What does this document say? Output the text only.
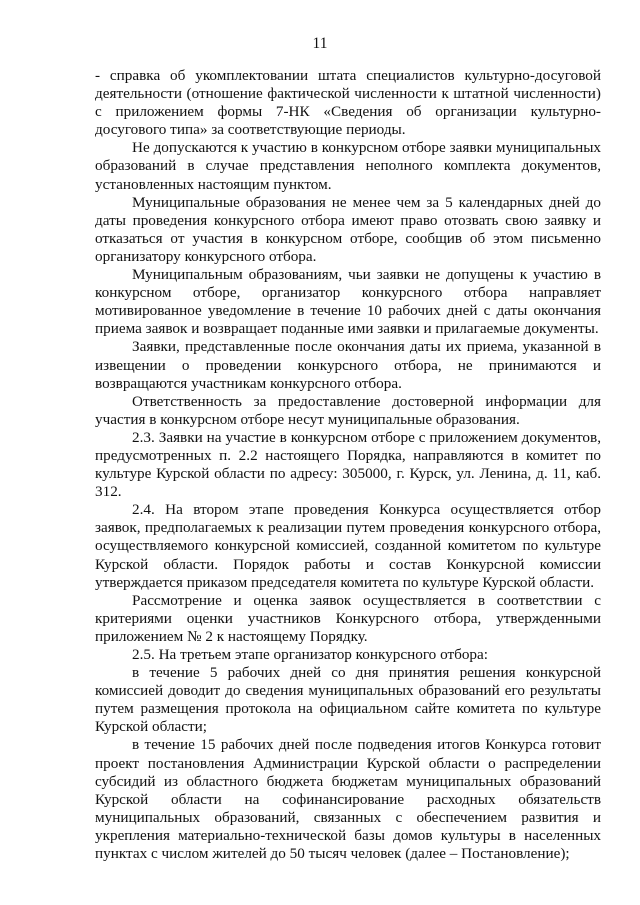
11

- справка об укомплектовании штата специалистов культурно-досуговой деятельности (отношение фактической численности к штатной численности) с приложением формы 7-НК «Сведения об организации культурно-досугового типа» за соответствующие периоды.

Не допускаются к участию в конкурсном отборе заявки муниципальных образований в случае представления неполного комплекта документов, установленных настоящим пунктом.

Муниципальные образования не менее чем за 5 календарных дней до даты проведения конкурсного отбора имеют право отозвать свою заявку и отказаться от участия в конкурсном отборе, сообщив об этом письменно организатору конкурсного отбора.

Муниципальным образованиям, чьи заявки не допущены к участию в конкурсном отборе, организатор конкурсного отбора направляет мотивированное уведомление в течение 10 рабочих дней с даты окончания приема заявок и возвращает поданные ими заявки и прилагаемые документы.

Заявки, представленные после окончания даты их приема, указанной в извещении о проведении конкурсного отбора, не принимаются и возвращаются участникам конкурсного отбора.

Ответственность за предоставление достоверной информации для участия в конкурсном отборе несут муниципальные образования.

2.3. Заявки на участие в конкурсном отборе с приложением документов, предусмотренных п. 2.2 настоящего Порядка, направляются в комитет по культуре Курской области по адресу: 305000, г. Курск, ул. Ленина, д. 11, каб. 312.

2.4. На втором этапе проведения Конкурса осуществляется отбор заявок, предполагаемых к реализации путем проведения конкурсного отбора, осуществляемого конкурсной комиссией, созданной комитетом по культуре Курской области. Порядок работы и состав Конкурсной комиссии утверждается приказом председателя комитета по культуре Курской области.

Рассмотрение и оценка заявок осуществляется в соответствии с критериями оценки участников Конкурсного отбора, утвержденными приложением № 2 к настоящему Порядку.

2.5. На третьем этапе организатор конкурсного отбора:

в течение 5 рабочих дней со дня принятия решения конкурсной комиссией доводит до сведения муниципальных образований его результаты путем размещения протокола на официальном сайте комитета по культуре Курской области;

в течение 15 рабочих дней после подведения итогов Конкурса готовит проект постановления Администрации Курской области о распределении субсидий из областного бюджета бюджетам муниципальных образований Курской области на софинансирование расходных обязательств муниципальных образований, связанных с обеспечением развития и укрепления материально-технической базы домов культуры в населенных пунктах с числом жителей до 50 тысяч человек (далее – Постановление);
